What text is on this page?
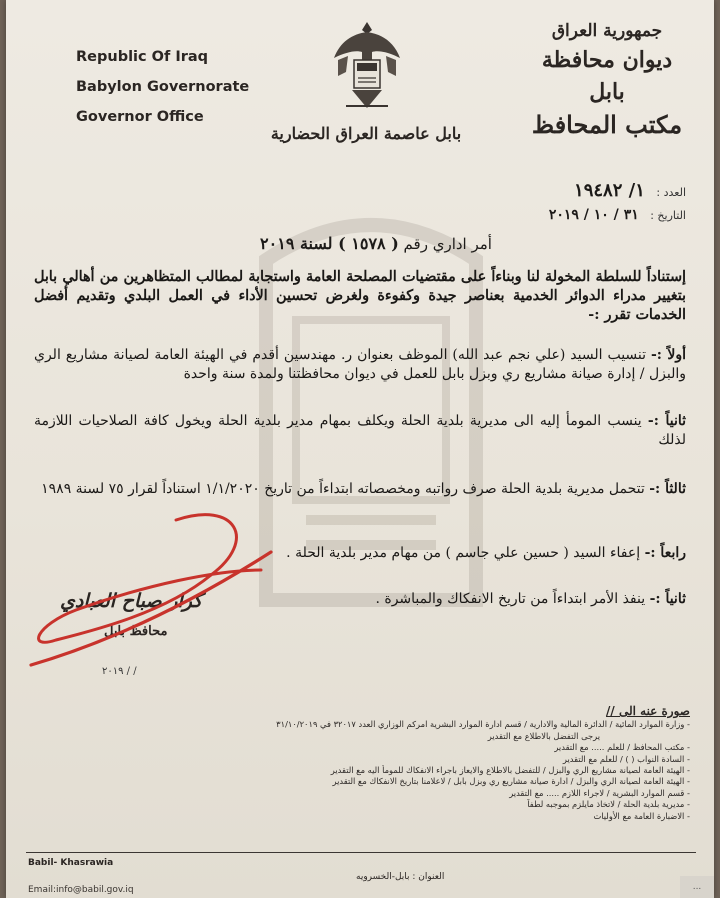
Republic Of Iraq
Babylon Governorate
Governor Office
جمهورية العراق
ديوان محافظة بابل
مكتب المحافظ
بابل عاصمة العراق الحضارية
العدد : ١/ ١٩٤٨٢
التاريخ : ٣١ / ١٠ / ٢٠١٩
أمر اداري رقم ( ١٥٧٨ ) لسنة ٢٠١٩
إستناداً للسلطة المخولة لنا وبناءاً على مقتضيات المصلحة العامة واستجابة لمطالب المتظاهرين من أهالي بابل بتغيير مدراء الدوائر الخدمية بعناصر جيدة وكفوءة ولغرض تحسين الأداء في العمل البلدي وتقديم أفضل الخدمات تقرر :-
أولاً :- تنسيب السيد (علي نجم عبد الله) الموظف بعنوان ر. مهندسين أقدم في الهيئة العامة لصيانة مشاريع الري والبزل / إدارة صيانة مشاريع ري وبزل بابل للعمل في ديوان محافظتنا ولمدة سنة واحدة
ثانياً :- ينسب المومأ إليه الى مديرية بلدية الحلة ويكلف بمهام مدير بلدية الحلة ويخول كافة الصلاحيات اللازمة لذلك
ثالثاً :- تتحمل مديرية بلدية الحلة صرف رواتبه ومخصصاته ابتداءاً من تاريخ ١/١/٢٠٢٠ استناداً لقرار ٧٥ لسنة ١٩٨٩
رابعاً :- إعفاء السيد ( حسين علي جاسم ) من مهام مدير بلدية الحلة .
ثانياً :- ينفذ الأمر ابتداءاً من تاريخ الانفكاك والمباشرة .
كرار صباح العبادي
محافظ بابل
/ / ٢٠١٩
صورة عنه الى //
- وزارة الموارد المائية / الدائرة المالية والادارية / قسم ادارة الموارد البشرية امركم الوزاري العدد ٣٢٠١٧ في ٣١/١٠/٢٠١٩
يرجى التفضل بالاطلاع مع التقدير
- مكتب المحافظ / للعلم ..... مع التقدير
- السادة النواب ( ) / للعلم مع التقدير
- الهيئة العامة لصيانة مشاريع الري والبزل / للتفضل بالاطلاع والايعاز باجراء الانفكاك للمومأ اليه مع التقدير
- الهيئة العامة لصيانة الري والبزل / ادارة صيانة مشاريع ري وبزل بابل / لاعلامنا بتاريخ الانفكاك مع التقدير
- قسم الموارد البشرية / لاجراء اللازم ..... مع التقدير
- مديرية بلدية الحلة / لاتخاذ مايلزم بموجبه لطفاً
- الاضبارة العامة مع الأوليات
Babil- Khasrawia
العنوان : بابل-الخسرويه
Email:info@babil.gov.iq	...
